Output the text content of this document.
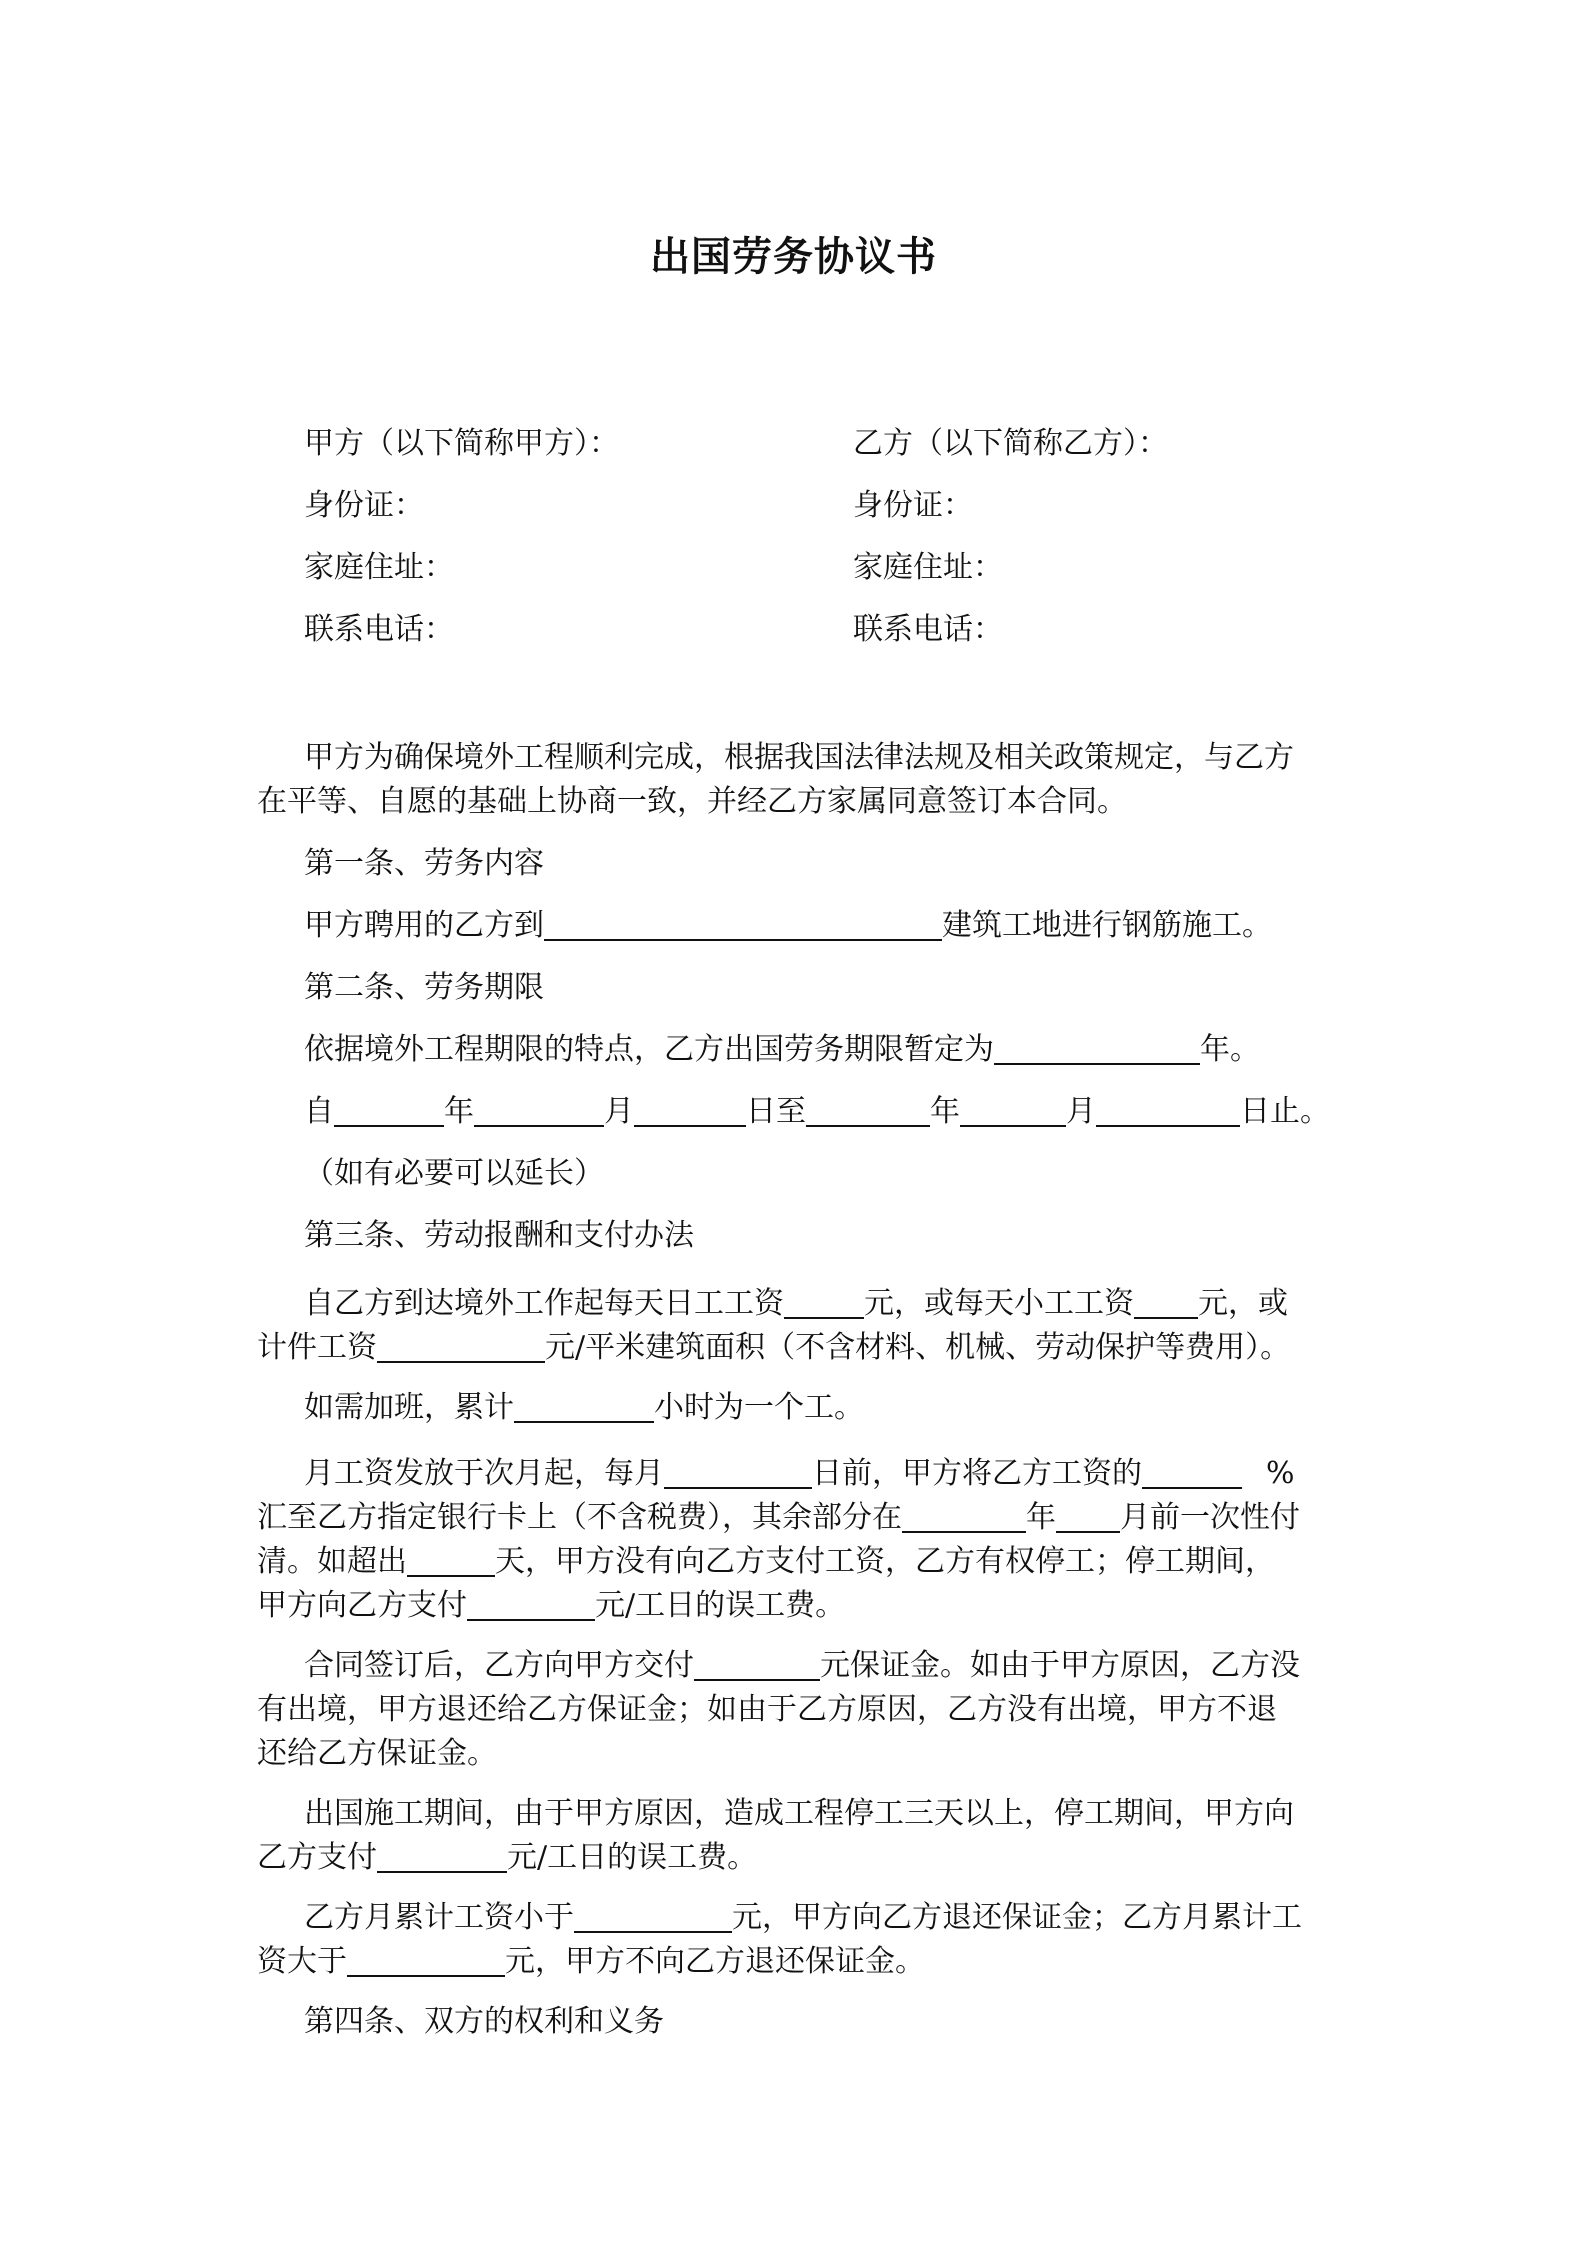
出国劳务协议书
甲方（以下简称甲方）：	乙方（以下简称乙方）：
身份证：	身份证：
家庭住址：	家庭住址：
联系电话：	联系电话：
甲方为确保境外工程顺利完成，根据我国法律法规及相关政策规定，与乙方
在平等、自愿的基础上协商一致，并经乙方家属同意签订本合同。
第一条、劳务内容
甲方聘用的乙方到	建筑工地进行钢筋施工。
第二条、劳务期限
依据境外工程期限的特点，乙方出国劳务期限暂定为	年。
自	年	月	日至	年	月	日止。
（如有必要可以延长）
第三条、劳动报酬和支付办法
自乙方到达境外工作起每天日工工资	元，或每天小工工资 元，或
计件工资	元/平米建筑面积（不含材料、机械、劳动保护等费用）。
如需加班，累计	小时为一个工。
月工资发放于次月起，每月	日前，甲方将乙方工资的	%
汇至乙方指定银行卡上（不含税费），其余部分在	年 月前一次性付
清。如超出	天，甲方没有向乙方支付工资，乙方有权停工；停工期间，
甲方向乙方支付	元/工日的误工费。
合同签订后，乙方向甲方交付	元保证金。如由于甲方原因，乙方没
有出境，甲方退还给乙方保证金；如由于乙方原因，乙方没有出境，甲方不退
还给乙方保证金。
出国施工期间，由于甲方原因，造成工程停工三天以上，停工期间，甲方向
乙方支付	元/工日的误工费。
乙方月累计工资小于	元，甲方向乙方退还保证金；乙方月累计工
资大于	元，甲方不向乙方退还保证金。
第四条、双方的权利和义务
